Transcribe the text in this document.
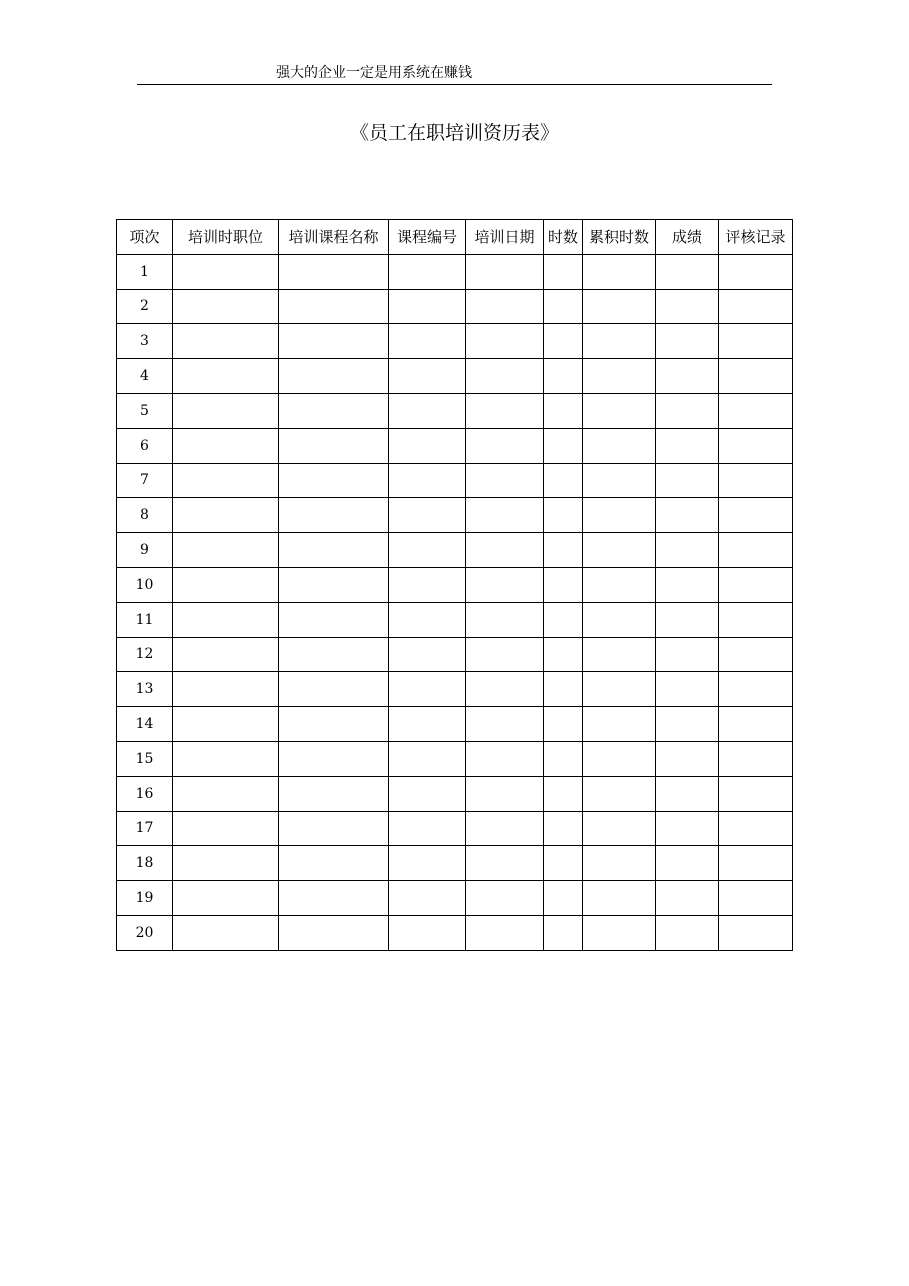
强大的企业一定是用系统在赚钱
《员工在职培训资历表》
项次	培训时职位	培训课程名称	课程编号	培训日期	时数	累积时数	成绩	评核记录
1								
2								
3								
4								
5								
6								
7								
8								
9								
10								
11								
12								
13								
14								
15								
16								
17								
18								
19								
20								
